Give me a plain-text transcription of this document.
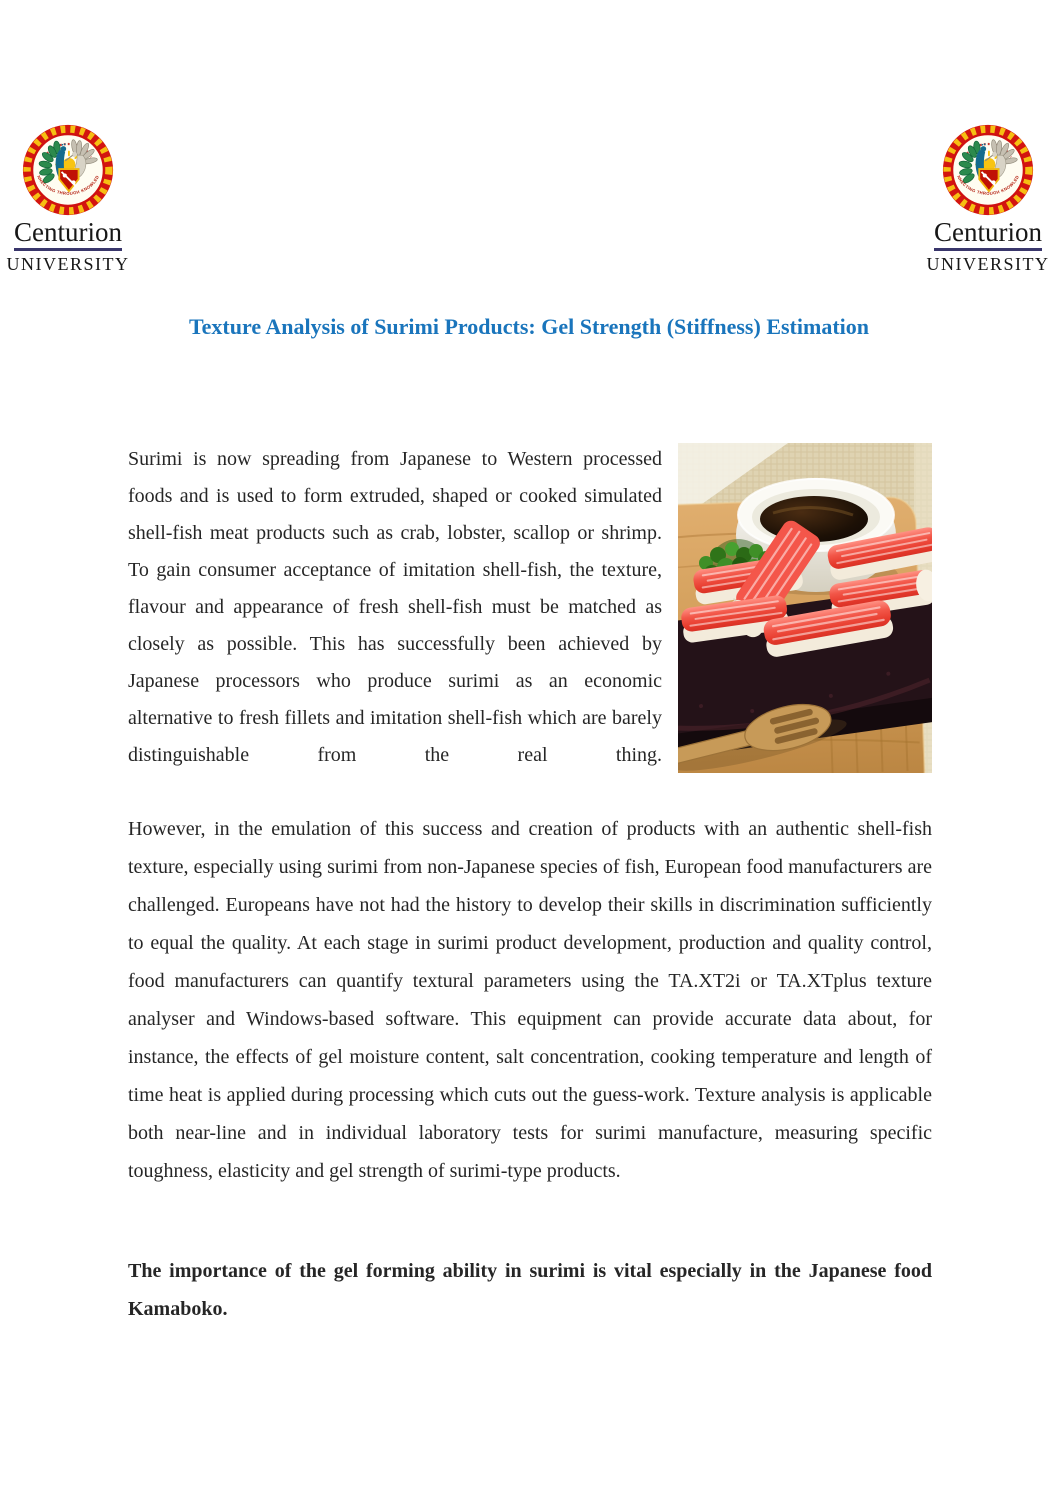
Centurion
UNIVERSITY
Centurion
UNIVERSITY
Texture Analysis of Surimi Products: Gel Strength (Stiffness) Estimation

Surimi is now spreading from Japanese to Western processed foods and is used to form extruded, shaped or cooked simulated shell-fish meat products such as crab, lobster, scallop or shrimp. To gain consumer acceptance of imitation shell-fish, the texture, flavour and appearance of fresh shell-fish must be matched as closely as possible. This has successfully been achieved by Japanese processors who produce surimi as an economic alternative to fresh fillets and imitation shell-fish which are barely distinguishable from the real thing.

However, in the emulation of this success and creation of products with an authentic shell-fish texture, especially using surimi from non-Japanese species of fish, European food manufacturers are challenged. Europeans have not had the history to develop their skills in discrimination sufficiently to equal the quality. At each stage in surimi product development, production and quality control, food manufacturers can quantify textural parameters using the TA.XT2i or TA.XTplus texture analyser and Windows-based software. This equipment can provide accurate data about, for instance, the effects of gel moisture content, salt concentration, cooking temperature and length of time heat is applied during processing which cuts out the guess-work. Texture analysis is applicable both near-line and in individual laboratory tests for surimi manufacture, measuring specific toughness, elasticity and gel strength of surimi-type products.

The importance of the gel forming ability in surimi is vital especially in the Japanese food Kamaboko.
